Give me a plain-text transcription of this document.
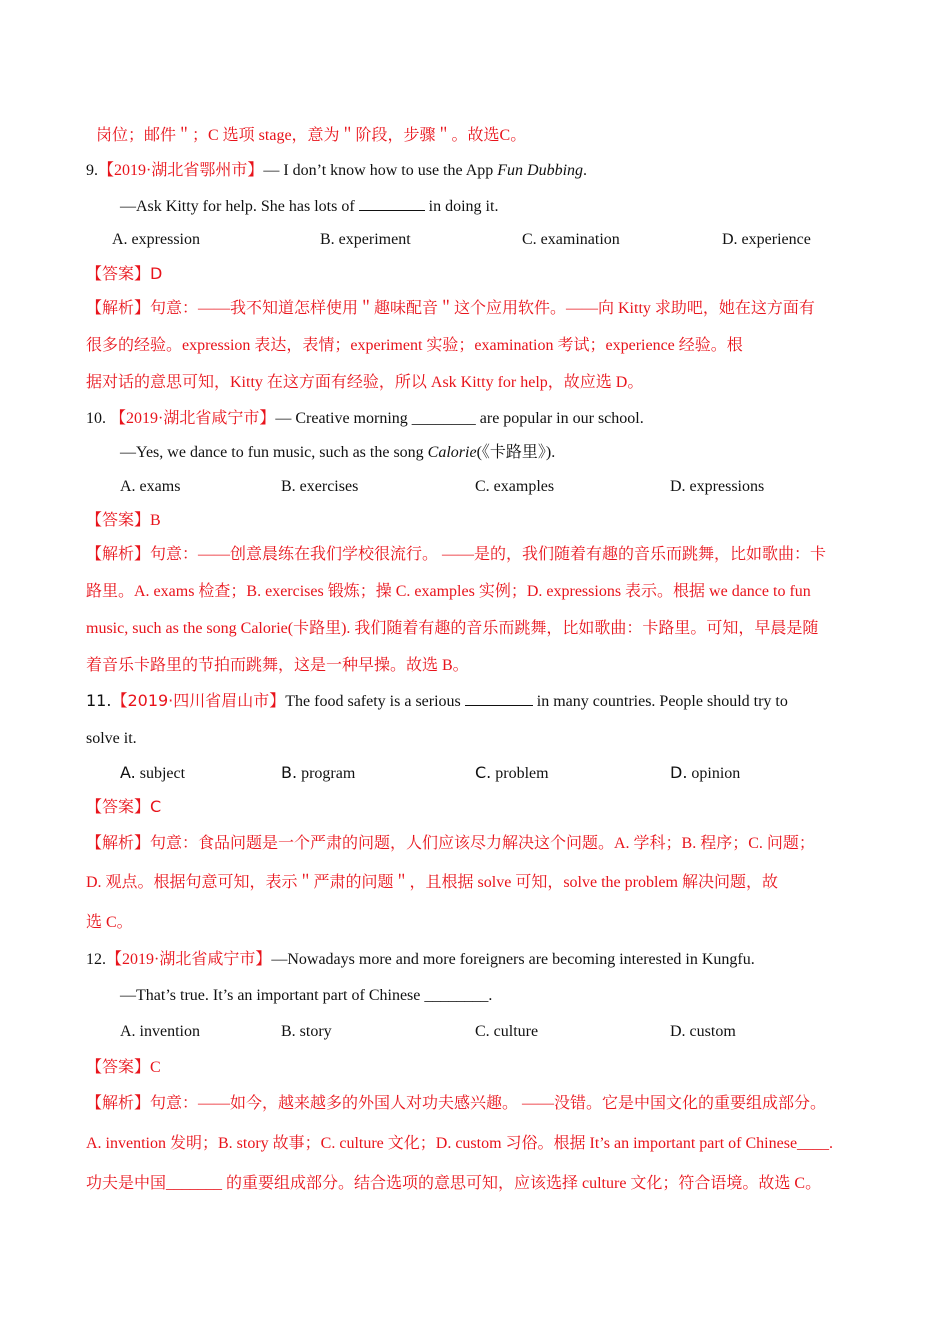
岗位；邮件＂；C 选项 stage，意为＂阶段，步骤＂。故选C。
9.【2019·湖北省鄂州市】— I don’t know how to use the App Fun Dubbing.
—Ask Kitty for help. She has lots of	in doing it.
A. expression	B. experiment	C. examination	D. experience
【答案】D
【解析】句意：——我不知道怎样使用＂趣味配音＂这个应用软件。——向 Kitty 求助吧，她在这方面有
很多的经验。expression 表达，表情；experiment 实验；examination 考试；experience 经验。根
据对话的意思可知，Kitty 在这方面有经验，所以 Ask Kitty for help，故应选 D。
10. 【2019·湖北省咸宁市】— Creative morning ________ are popular in our school.
—Yes, we dance to fun music, such as the song Calorie(《卡路里》).
A. exams	B. exercises	C. examples	D. expressions
【答案】B
【解析】句意：——创意晨练在我们学校很流行。 ——是的，我们随着有趣的音乐而跳舞，比如歌曲：卡
路里。A. exams 检查；B. exercises 锻炼；操 C. examples 实例；D. expressions 表示。根据 we dance to fun
music, such as the song Calorie(卡路里). 我们随着有趣的音乐而跳舞，比如歌曲：卡路里。可知，早晨是随
着音乐卡路里的节拍而跳舞，这是一种早操。故选 B。
11.【2019·四川省眉山市】The food safety is a serious	in many countries. People should try to
solve it.
A. subject	B. program	C. problem	D. opinion
【答案】C
【解析】句意：食品问题是一个严肃的问题，人们应该尽力解决这个问题。A. 学科；B. 程序；C. 问题；
D. 观点。根据句意可知，表示＂严肃的问题＂，且根据 solve 可知，solve the problem 解决问题，故
选 C。
12.【2019·湖北省咸宁市】—Nowadays more and more foreigners are becoming interested in Kungfu.
—That’s true. It’s an important part of Chinese ________.
A. invention	B. story	C. culture	D. custom
【答案】C
【解析】句意：——如今，越来越多的外国人对功夫感兴趣。 ——没错。它是中国文化的重要组成部分。
A. invention 发明；B. story 故事；C. culture 文化；D. custom 习俗。根据 It’s an important part of Chinese____.
功夫是中国_______ 的重要组成部分。结合选项的意思可知，应该选择 culture 文化；符合语境。故选 C。
